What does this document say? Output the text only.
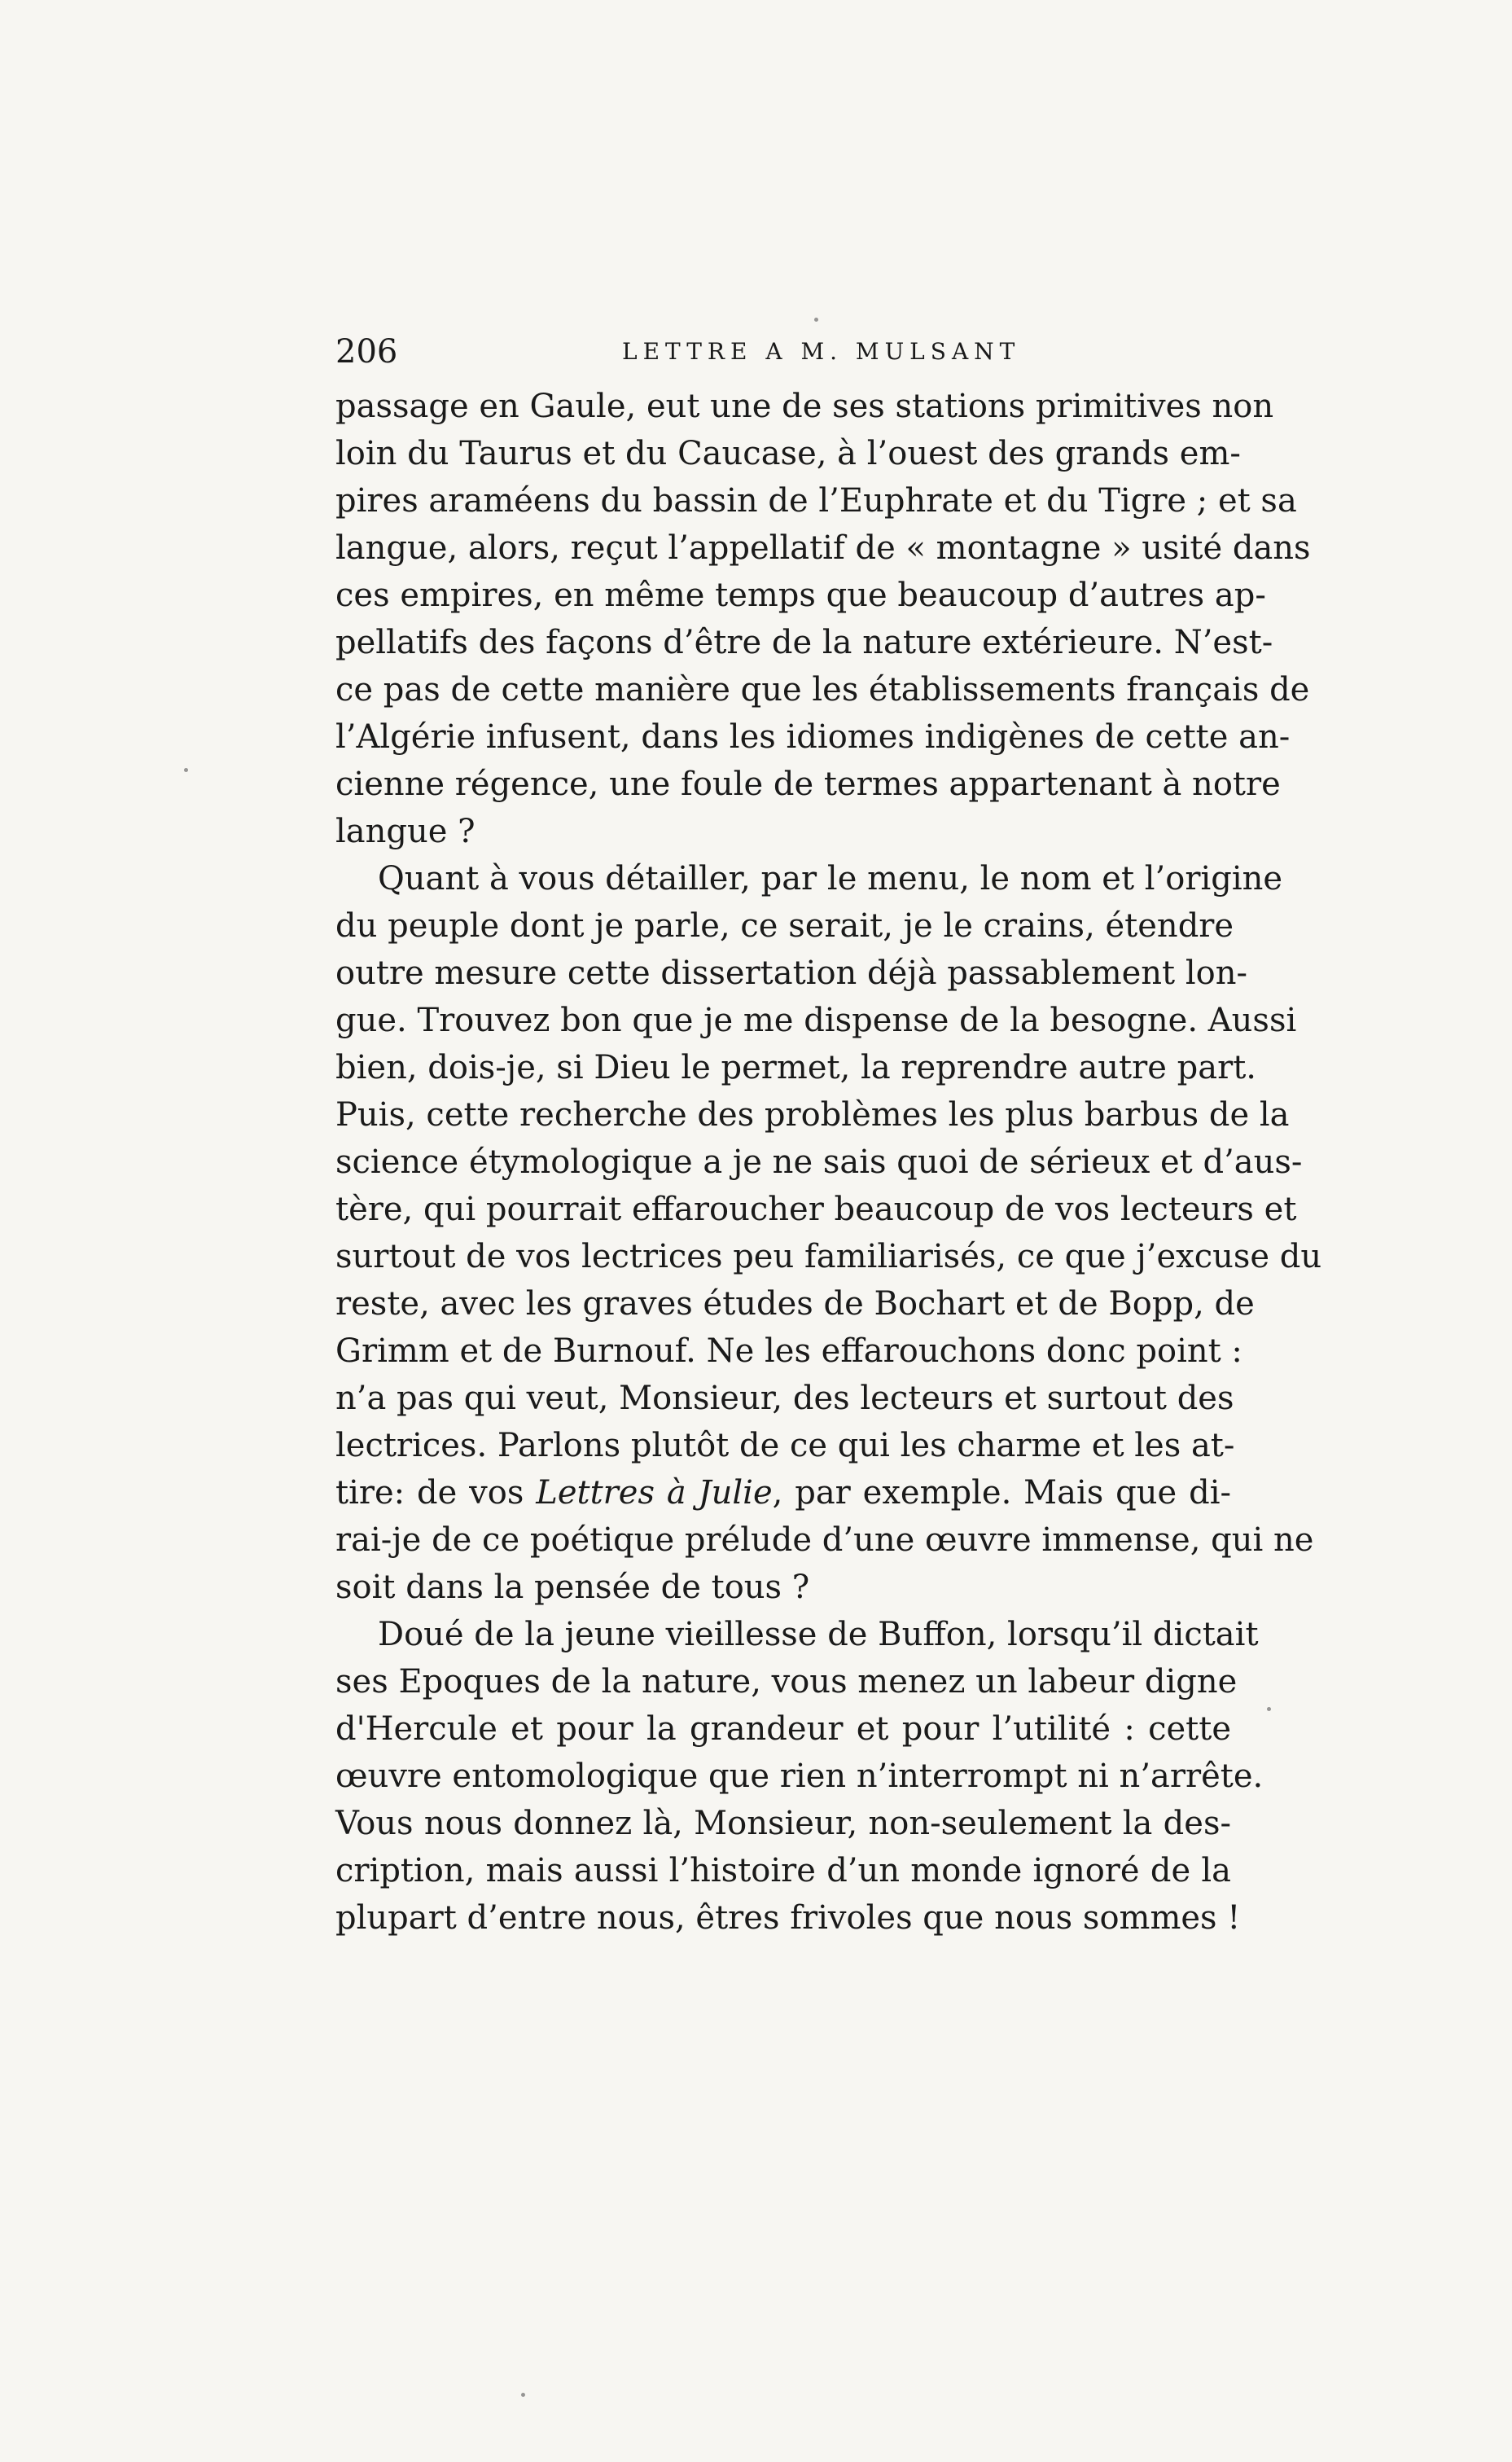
206	LETTRE A M. MULSANT
passage en Gaule, eut une de ses stations primitives non
loin du Taurus et du Caucase, à l’ouest des grands em-
pires araméens du bassin de l’Euphrate et du Tigre ; et sa
langue, alors, reçut l’appellatif de « montagne » usité dans
ces empires, en même temps que beaucoup d’autres ap-
pellatifs des façons d’être de la nature extérieure. N’est-
ce pas de cette manière que les établissements français de
l’Algérie infusent, dans les idiomes indigènes de cette an-
cienne régence, une foule de termes appartenant à notre
langue ?
Quant à vous détailler, par le menu, le nom et l’origine
du peuple dont je parle, ce serait, je le crains, étendre
outre mesure cette dissertation déjà passablement lon-
gue. Trouvez bon que je me dispense de la besogne. Aussi
bien, dois-je, si Dieu le permet, la reprendre autre part.
Puis, cette recherche des problèmes les plus barbus de la
science étymologique a je ne sais quoi de sérieux et d’aus-
tère, qui pourrait effaroucher beaucoup de vos lecteurs et
surtout de vos lectrices peu familiarisés, ce que j’excuse du
reste, avec les graves études de Bochart et de Bopp, de
Grimm et de Burnouf. Ne les effarouchons donc point :
n’a pas qui veut, Monsieur, des lecteurs et surtout des
lectrices. Parlons plutôt de ce qui les charme et les at-
tire: de vos Lettres à Julie, par exemple. Mais que di-
rai-je de ce poétique prélude d’une œuvre immense, qui ne
soit dans la pensée de tous ?
Doué de la jeune vieillesse de Buffon, lorsqu’il dictait
ses Epoques de la nature, vous menez un labeur digne
d'Hercule et pour la grandeur et pour l’utilité : cette
œuvre entomologique que rien n’interrompt ni n’arrête.
Vous nous donnez là, Monsieur, non-seulement la des-
cription, mais aussi l’histoire d’un monde ignoré de la
plupart d’entre nous, êtres frivoles que nous sommes !
